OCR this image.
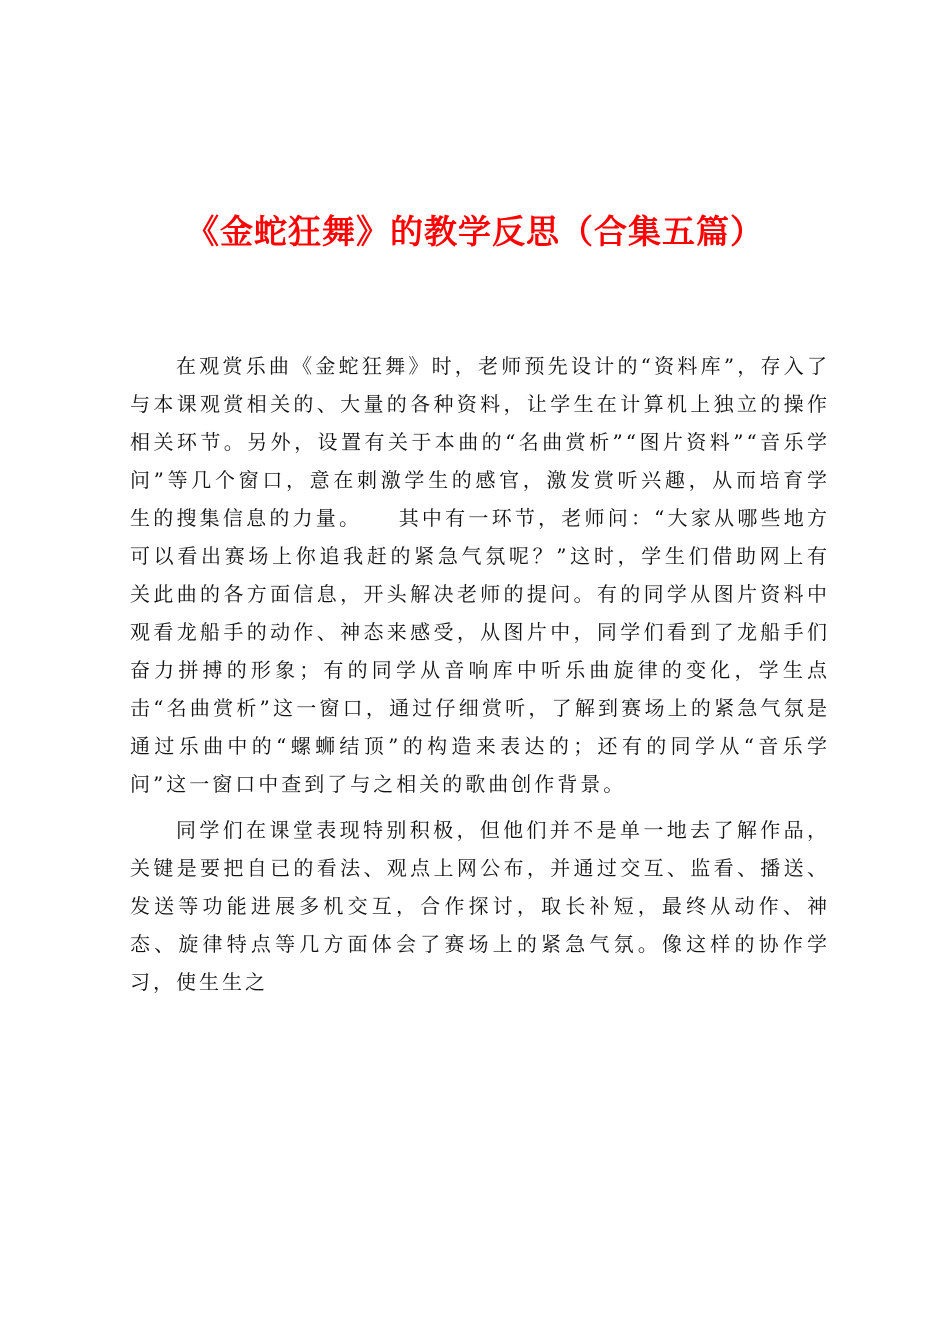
《金蛇狂舞》的教学反思（合集五篇）

在观赏乐曲《金蛇狂舞》时，老师预先设计的“资料库”，存入了与本课观赏相关的、大量的各种资料，让学生在计算机上独立的操作相关环节。另外，设置有关于本曲的“名曲赏析”“图片资料”“音乐学问”等几个窗口，意在刺激学生的感官，激发赏听兴趣，从而培育学生的搜集信息的力量。　　其中有一环节，老师问：“大家从哪些地方可以看出赛场上你追我赶的紧急气氛呢？”这时，学生们借助网上有关此曲的各方面信息，开头解决老师的提问。有的同学从图片资料中观看龙船手的动作、神态来感受，从图片中，同学们看到了龙船手们奋力拼搏的形象；有的同学从音响库中听乐曲旋律的变化，学生点击“名曲赏析”这一窗口，通过仔细赏听，了解到赛场上的紧急气氛是通过乐曲中的“螺蛳结顶”的构造来表达的；还有的同学从“音乐学问”这一窗口中查到了与之相关的歌曲创作背景。

同学们在课堂表现特别积极，但他们并不是单一地去了解作品，关键是要把自已的看法、观点上网公布，并通过交互、监看、播送、发送等功能进展多机交互，合作探讨，取长补短，最终从动作、神态、旋律特点等几方面体会了赛场上的紧急气氛。像这样的协作学习，使生生之
